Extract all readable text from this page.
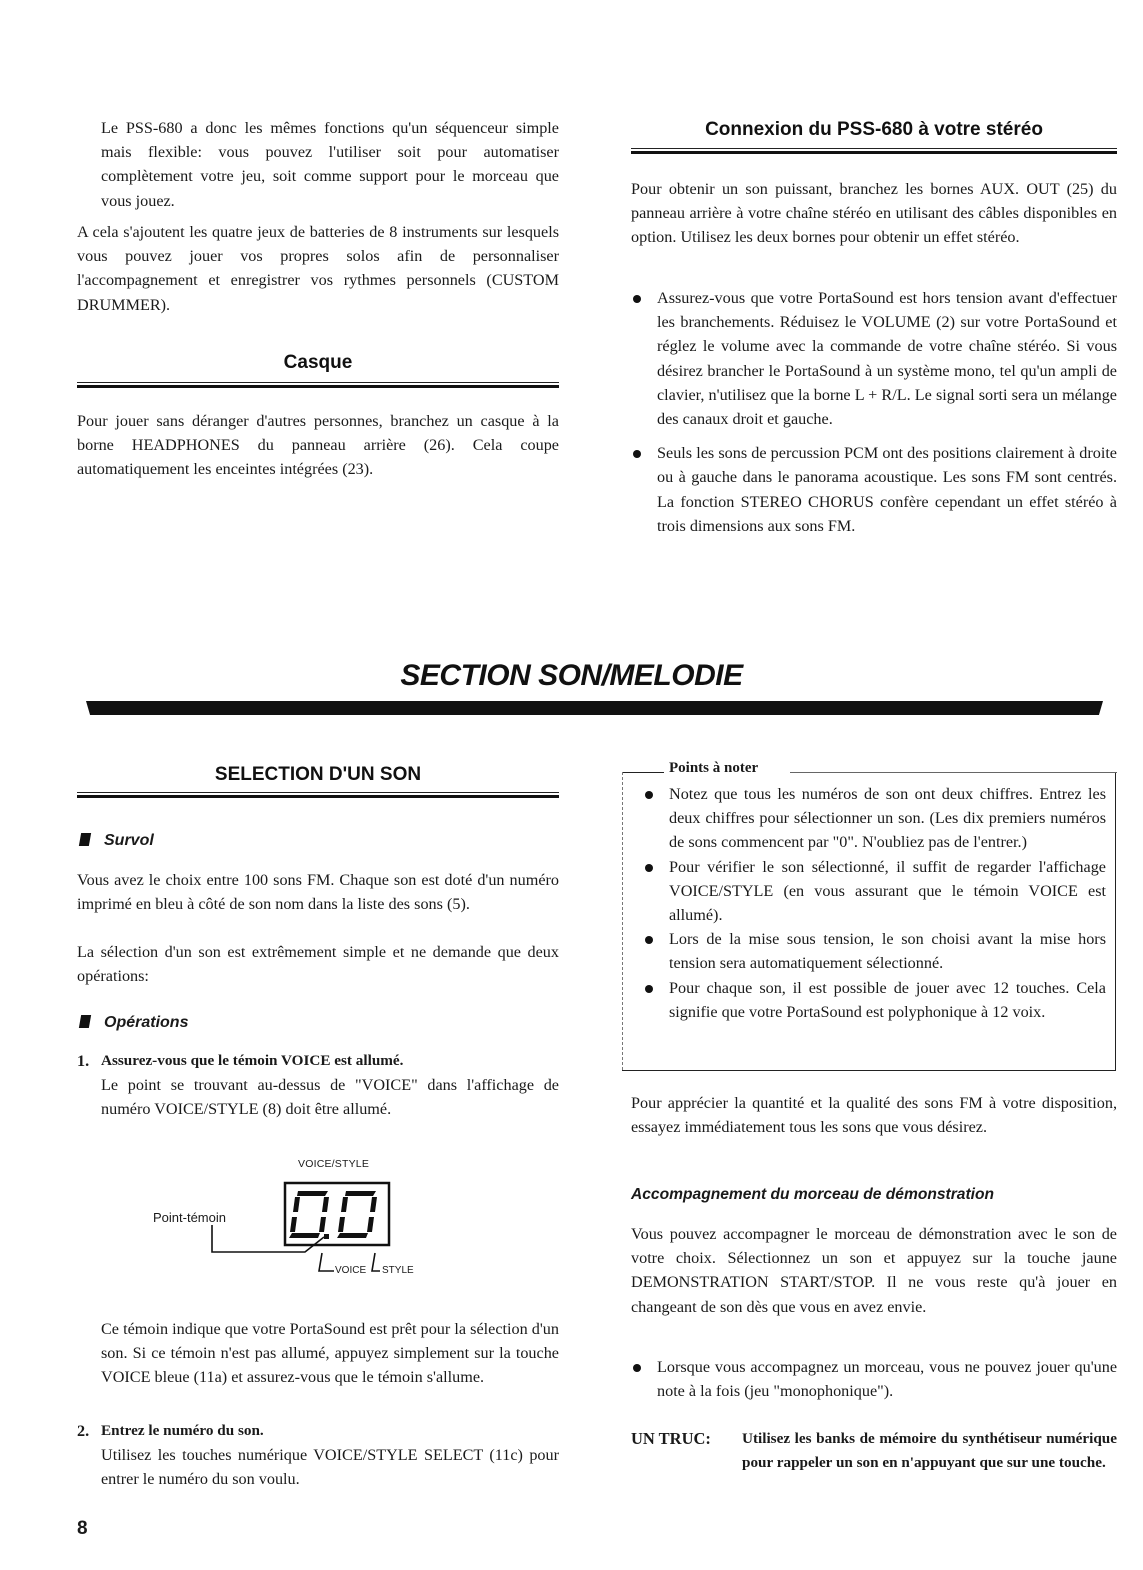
Le PSS-680 a donc les mêmes fonctions qu'un séquenceur simple mais flexible: vous pouvez l'utiliser soit pour automatiser complètement votre jeu, soit comme support pour le morceau que vous jouez.

A cela s'ajoutent les quatre jeux de batteries de 8 instruments sur lesquels vous pouvez jouer vos propres solos afin de personnaliser l'accompagnement et enregistrer vos rythmes personnels (CUSTOM DRUMMER).

Casque

Pour jouer sans déranger d'autres personnes, branchez un casque à la borne HEADPHONES du panneau arrière (26). Cela coupe automatiquement les enceintes intégrées (23).

Connexion du PSS-680 à votre stéréo

Pour obtenir un son puissant, branchez les bornes AUX. OUT (25) du panneau arrière à votre chaîne stéréo en utilisant des câbles disponibles en option. Utilisez les deux bornes pour obtenir un effet stéréo.

Assurez-vous que votre PortaSound est hors tension avant d'effectuer les branchements. Réduisez le VOLUME (2) sur votre PortaSound et réglez le volume avec la commande de votre chaîne stéréo. Si vous désirez brancher le PortaSound à un système mono, tel qu'un ampli de clavier, n'utilisez que la borne L + R/L. Le signal sorti sera un mélange des canaux droit et gauche.
Seuls les sons de percussion PCM ont des positions clairement à droite ou à gauche dans le panorama acoustique. Les sons FM sont centrés. La fonction STEREO CHORUS confère cependant un effet stéréo à trois dimensions aux sons FM.
SECTION SON/MELODIE
SELECTION D'UN SON
Survol

Vous avez le choix entre 100 sons FM. Chaque son est doté d'un numéro imprimé en bleu à côté de son nom dans la liste des sons (5).

La sélection d'un son est extrêmement simple et ne demande que deux opérations:

Opérations
1. Assurez-vous que le témoin VOICE est allumé.

Le point se trouvant au-dessus de "VOICE" dans l'affichage de numéro VOICE/STYLE (8) doit être allumé.

VOICE/STYLE
Point-témoin
VOICE STYLE

Ce témoin indique que votre PortaSound est prêt pour la sélection d'un son. Si ce témoin n'est pas allumé, appuyez simplement sur la touche VOICE bleue (11a) et assurez-vous que le témoin s'allume.

2. Entrez le numéro du son.

Utilisez les touches numérique VOICE/STYLE SELECT (11c) pour entrer le numéro du son voulu.

8
Points à noter
Notez que tous les numéros de son ont deux chiffres. Entrez les deux chiffres pour sélectionner un son. (Les dix premiers numéros de sons commencent par "0". N'oubliez pas de l'entrer.)
Pour vérifier le son sélectionné, il suffit de regarder l'affichage VOICE/STYLE (en vous assurant que le témoin VOICE est allumé).
Lors de la mise sous tension, le son choisi avant la mise hors tension sera automatiquement sélectionné.
Pour chaque son, il est possible de jouer avec 12 touches. Cela signifie que votre PortaSound est polyphonique à 12 voix.

Pour apprécier la quantité et la qualité des sons FM à votre disposition, essayez immédiatement tous les sons que vous désirez.

Accompagnement du morceau de démonstration

Vous pouvez accompagner le morceau de démonstration avec le son de votre choix. Sélectionnez un son et appuyez sur la touche jaune DEMONSTRATION START/STOP. Il ne vous reste qu'à jouer en changeant de son dès que vous en avez envie.

Lorsque vous accompagnez un morceau, vous ne pouvez jouer qu'une note à la fois (jeu "monophonique").
UN TRUC: Utilisez les banks de mémoire du synthétiseur numérique pour rappeler un son en n'appuyant que sur une touche.
